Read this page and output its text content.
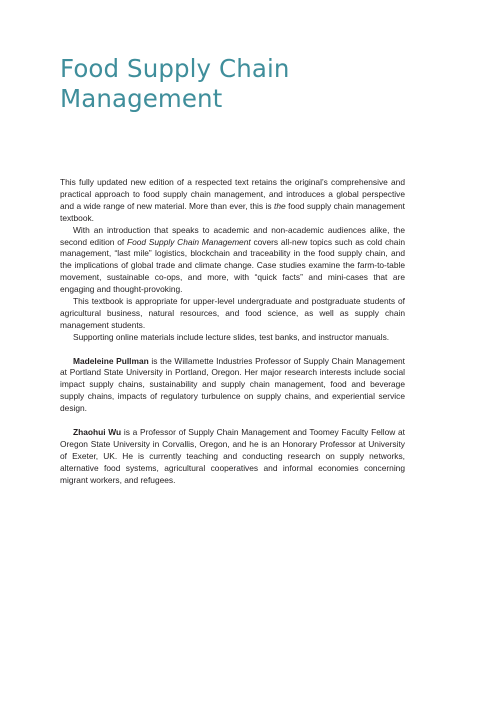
Food Supply Chain
Management

This fully updated new edition of a respected text retains the original’s comprehensive and practical approach to food supply chain management, and introduces a global perspective and a wide range of new material. More than ever, this is the food supply chain management textbook.

With an introduction that speaks to academic and non-academic audiences alike, the second edition of Food Supply Chain Management covers all-new topics such as cold chain management, “last mile” logistics, blockchain and traceability in the food supply chain, and the implications of global trade and climate change. Case studies examine the farm-to-table movement, sustainable co-ops, and more, with “quick facts” and mini-cases that are engaging and thought-provoking.

This textbook is appropriate for upper-level undergraduate and postgraduate students of agricultural business, natural resources, and food science, as well as supply chain management students.

Supporting online materials include lecture slides, test banks, and instructor manuals.

Madeleine Pullman is the Willamette Industries Professor of Supply Chain Management at Portland State University in Portland, Oregon. Her major research interests include social impact supply chains, sustainability and supply chain management, food and beverage supply chains, impacts of regulatory turbulence on supply chains, and experiential service design.

Zhaohui Wu is a Professor of Supply Chain Management and Toomey Faculty Fellow at Oregon State University in Corvallis, Oregon, and he is an Honorary Professor at University of Exeter, UK. He is currently teaching and conducting research on supply networks, alternative food systems, agricultural cooperatives and informal economies concerning migrant workers, and refugees.
